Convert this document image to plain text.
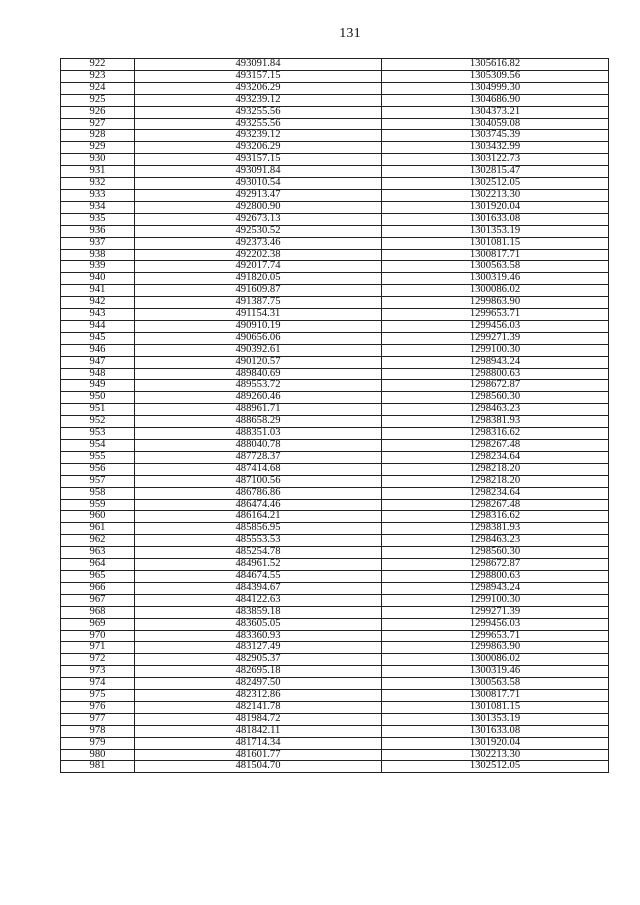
131
922	493091.84	1305616.82
923	493157.15	1305309.56
924	493206.29	1304999.30
925	493239.12	1304686.90
926	493255.56	1304373.21
927	493255.56	1304059.08
928	493239.12	1303745.39
929	493206.29	1303432.99
930	493157.15	1303122.73
931	493091.84	1302815.47
932	493010.54	1302512.05
933	492913.47	1302213.30
934	492800.90	1301920.04
935	492673.13	1301633.08
936	492530.52	1301353.19
937	492373.46	1301081.15
938	492202.38	1300817.71
939	492017.74	1300563.58
940	491820.05	1300319.46
941	491609.87	1300086.02
942	491387.75	1299863.90
943	491154.31	1299653.71
944	490910.19	1299456.03
945	490656.06	1299271.39
946	490392.61	1299100.30
947	490120.57	1298943.24
948	489840.69	1298800.63
949	489553.72	1298672.87
950	489260.46	1298560.30
951	488961.71	1298463.23
952	488658.29	1298381.93
953	488351.03	1298316.62
954	488040.78	1298267.48
955	487728.37	1298234.64
956	487414.68	1298218.20
957	487100.56	1298218.20
958	486786.86	1298234.64
959	486474.46	1298267.48
960	486164.21	1298316.62
961	485856.95	1298381.93
962	485553.53	1298463.23
963	485254.78	1298560.30
964	484961.52	1298672.87
965	484674.55	1298800.63
966	484394.67	1298943.24
967	484122.63	1299100.30
968	483859.18	1299271.39
969	483605.05	1299456.03
970	483360.93	1299653.71
971	483127.49	1299863.90
972	482905.37	1300086.02
973	482695.18	1300319.46
974	482497.50	1300563.58
975	482312.86	1300817.71
976	482141.78	1301081.15
977	481984.72	1301353.19
978	481842.11	1301633.08
979	481714.34	1301920.04
980	481601.77	1302213.30
981	481504.70	1302512.05
